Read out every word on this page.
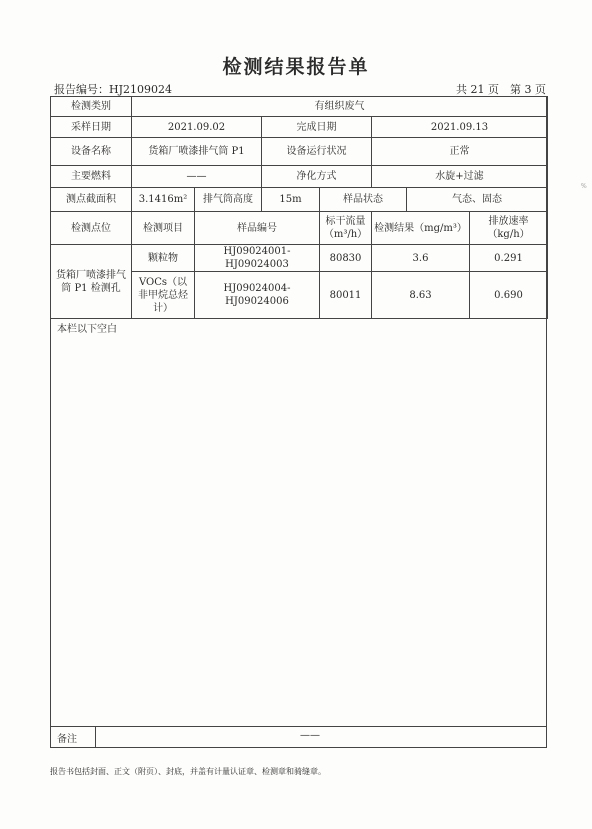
检测结果报告单
报告编号：HJ2109024	共 21 页　第 3 页
检测类别	有组织废气						
采样日期	2021.09.02		完成日期		2021.09.13		
设备名称	货箱厂喷漆排气筒 P1		设备运行状况		正常		
主要燃料	——		净化方式		水旋+过滤		
测点截面积	3.1416m²	排气筒高度	15m	样品状态		气态、固态	
检测点位	检测项目	样品编号		标干流量（m³/h）	检测结果（mg/m³）		排放速率（kg/h）
货箱厂喷漆排气筒 P1 检测孔	颗粒物	HJ09024001-HJ09024003		80830	3.6		0.291
	VOCs（以非甲烷总烃计）	HJ09024004-HJ09024006		80011	8.63		0.690
本栏以下空白
备注	——
报告书包括封面、正文（附页）、封底，并盖有计量认证章、检测章和骑缝章。
%
